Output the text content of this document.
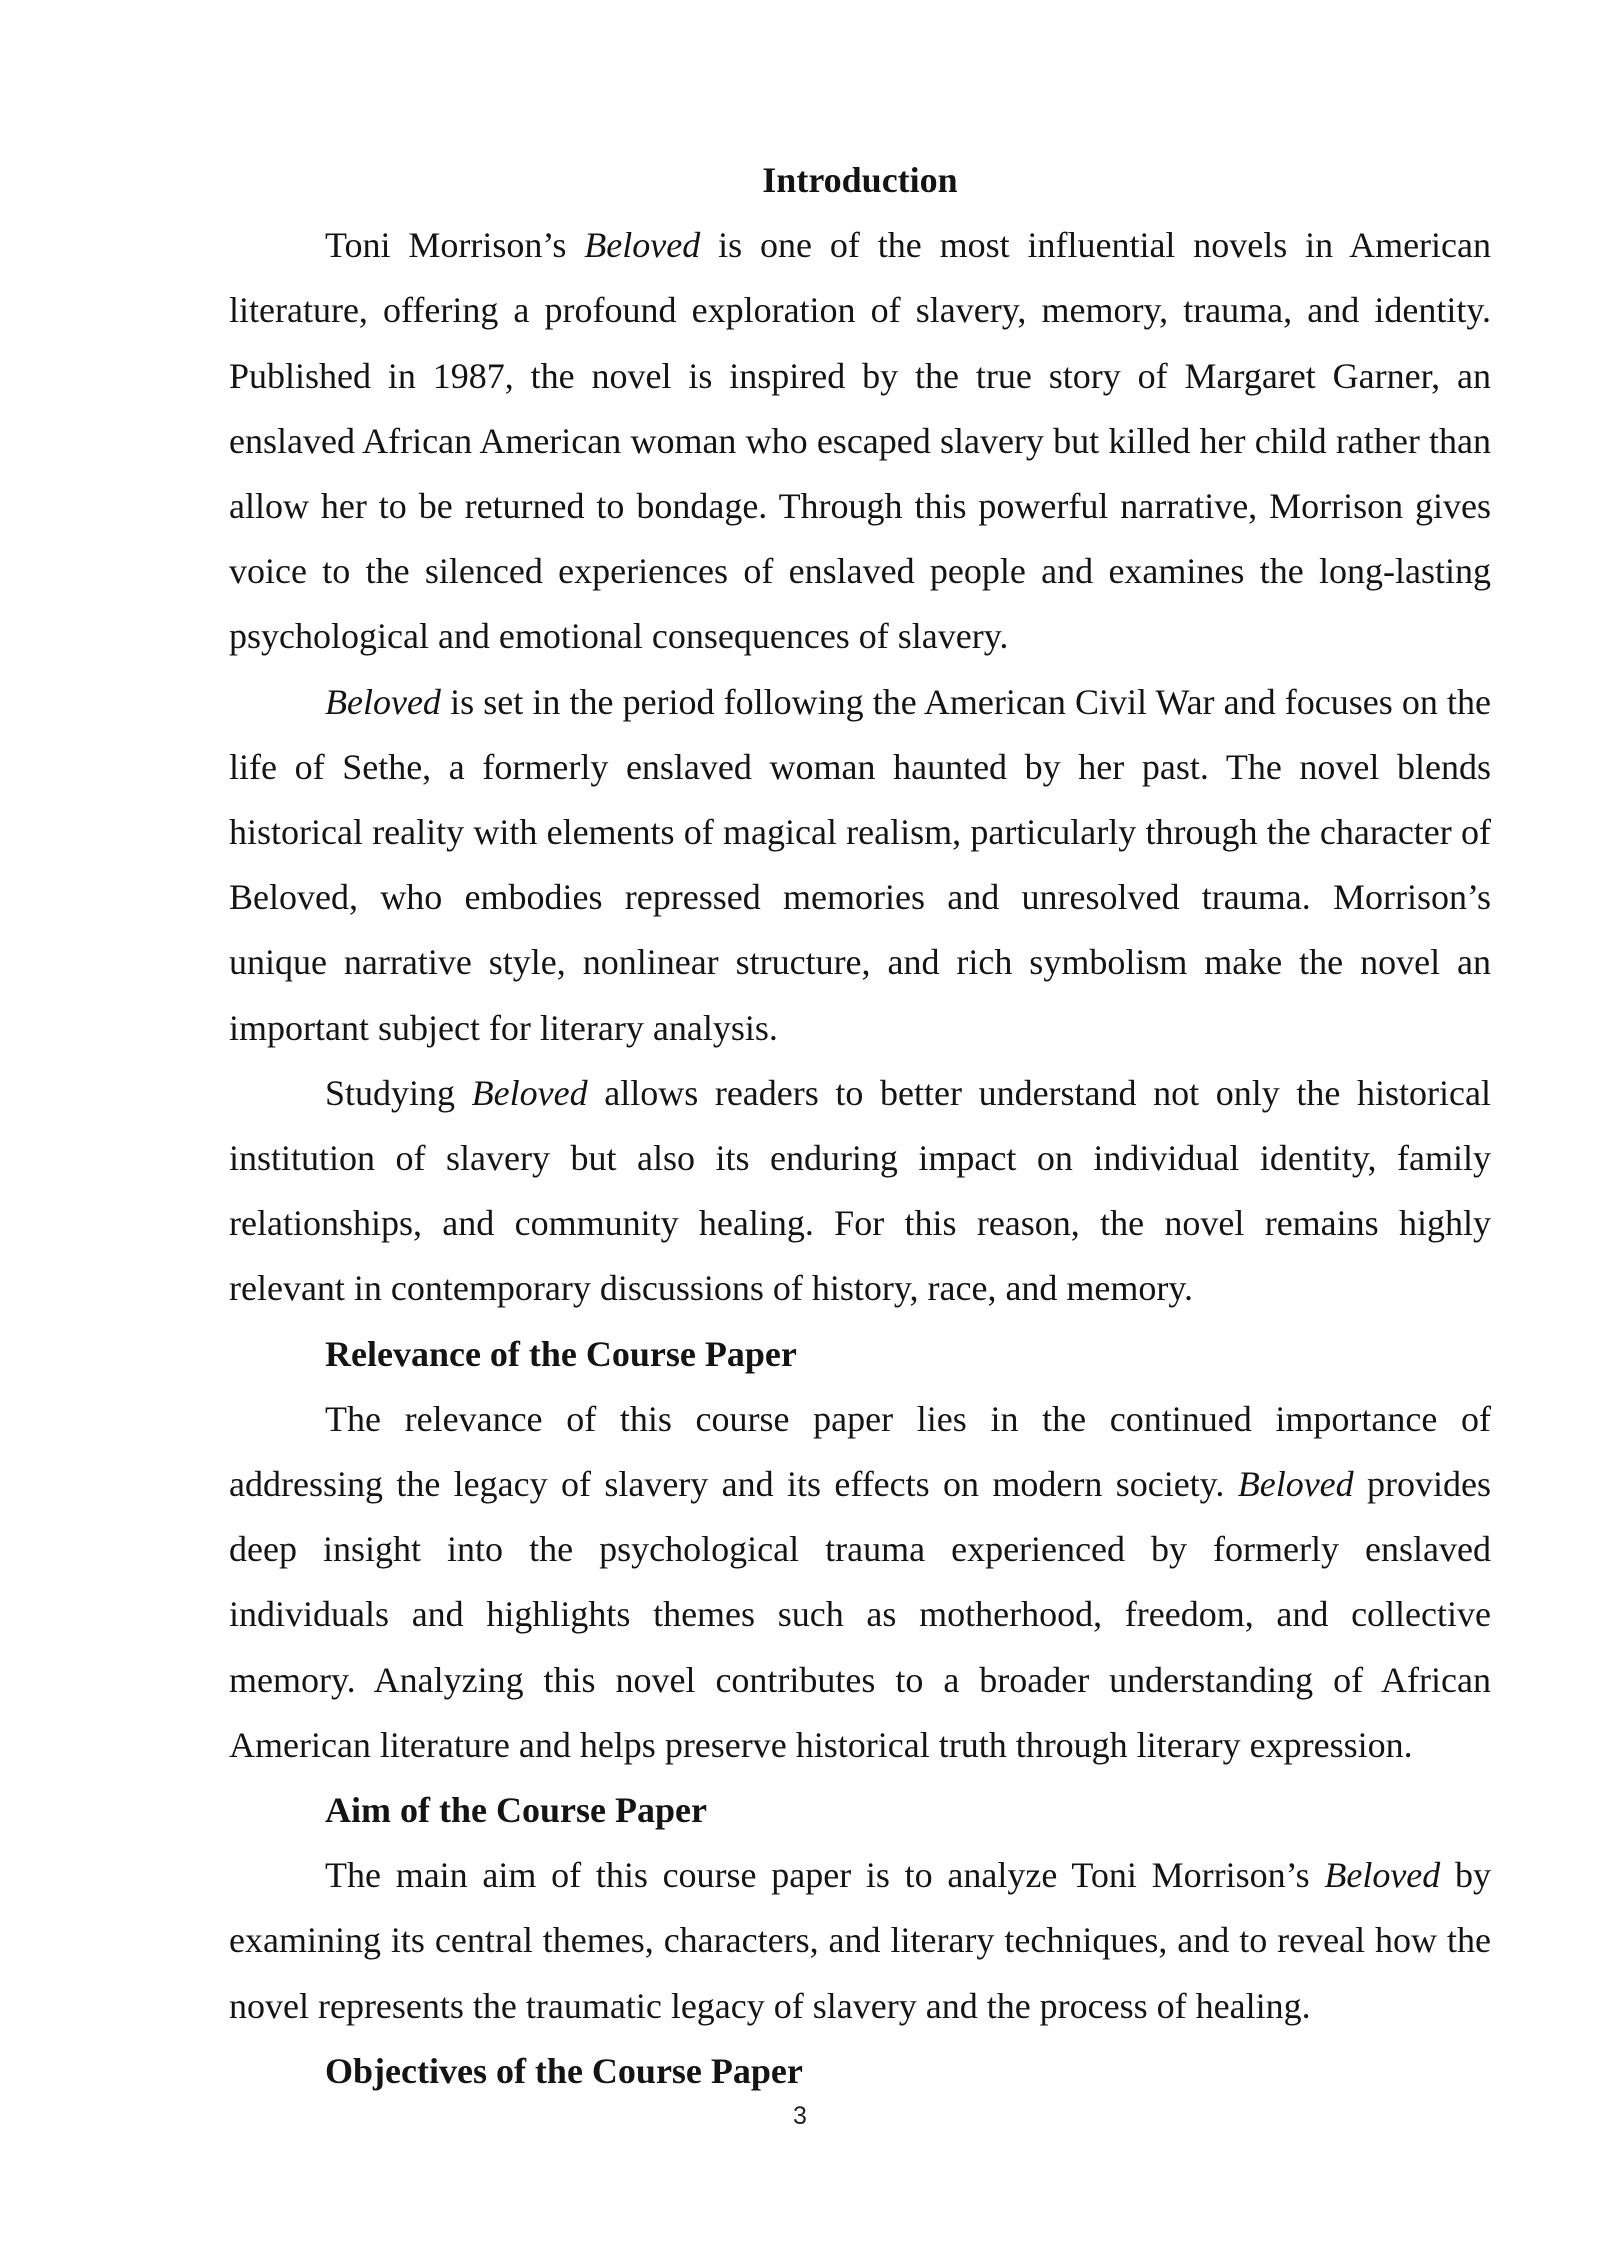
Introduction

Toni Morrison’s Beloved is one of the most influential novels in American literature, offering a profound exploration of slavery, memory, trauma, and identity. Published in 1987, the novel is inspired by the true story of Margaret Garner, an enslaved African American woman who escaped slavery but killed her child rather than allow her to be returned to bondage. Through this powerful narrative, Morrison gives voice to the silenced experiences of enslaved people and examines the long-lasting psychological and emotional consequences of slavery.

Beloved is set in the period following the American Civil War and focuses on the life of Sethe, a formerly enslaved woman haunted by her past. The novel blends historical reality with elements of magical realism, particularly through the character of Beloved, who embodies repressed memories and unresolved trauma. Morrison’s unique narrative style, nonlinear structure, and rich symbolism make the novel an important subject for literary analysis.

Studying Beloved allows readers to better understand not only the historical institution of slavery but also its enduring impact on individual identity, family relationships, and community healing. For this reason, the novel remains highly relevant in contemporary discussions of history, race, and memory.

Relevance of the Course Paper

The relevance of this course paper lies in the continued importance of addressing the legacy of slavery and its effects on modern society. Beloved provides deep insight into the psychological trauma experienced by formerly enslaved individuals and highlights themes such as motherhood, freedom, and collective memory. Analyzing this novel contributes to a broader understanding of African American literature and helps preserve historical truth through literary expression.

Aim of the Course Paper

The main aim of this course paper is to analyze Toni Morrison’s Beloved by examining its central themes, characters, and literary techniques, and to reveal how the novel represents the traumatic legacy of slavery and the process of healing.

Objectives of the Course Paper

3
